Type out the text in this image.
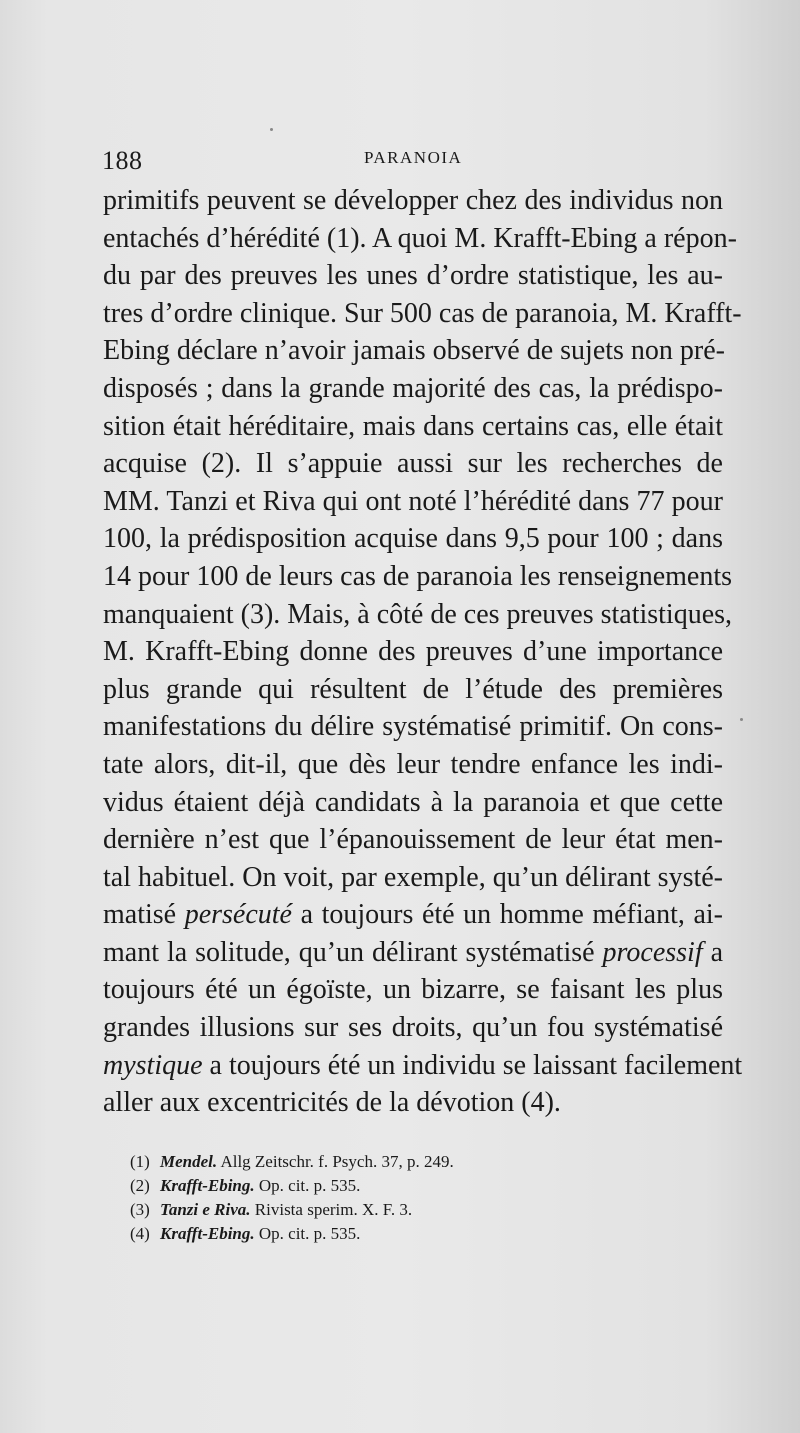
188	PARANOIA
primitifs peuvent se développer chez des individus non
entachés d’hérédité (1). A quoi M. Krafft-Ebing a répon-
du par des preuves les unes d’ordre statistique, les au-
tres d’ordre clinique. Sur 500 cas de paranoia, M. Krafft-
Ebing déclare n’avoir jamais observé de sujets non pré-
disposés ; dans la grande majorité des cas, la prédispo-
sition était héréditaire, mais dans certains cas, elle était
acquise (2). Il s’appuie aussi sur les recherches de
MM. Tanzi et Riva qui ont noté l’hérédité dans 77 pour
100, la prédisposition acquise dans 9,5 pour 100 ; dans
14 pour 100 de leurs cas de paranoia les renseignements
manquaient (3). Mais, à côté de ces preuves statistiques,
M. Krafft-Ebing donne des preuves d’une importance
plus grande qui résultent de l’étude des premières
manifestations du délire systématisé primitif. On cons-
tate alors, dit-il, que dès leur tendre enfance les indi-
vidus étaient déjà candidats à la paranoia et que cette
dernière n’est que l’épanouissement de leur état men-
tal habituel. On voit, par exemple, qu’un délirant systé-
matisé persécuté a toujours été un homme méfiant, ai-
mant la solitude, qu’un délirant systématisé processif a
toujours été un égoïste, un bizarre, se faisant les plus
grandes illusions sur ses droits, qu’un fou systématisé
mystique a toujours été un individu se laissant facilement
aller aux excentricités de la dévotion (4).
(1) Mendel. Allg Zeitschr. f. Psych. 37, p. 249.
(2) Krafft-Ebing. Op. cit. p. 535.
(3) Tanzi e Riva. Rivista sperim. X. F. 3.
(4) Krafft-Ebing. Op. cit. p. 535.
